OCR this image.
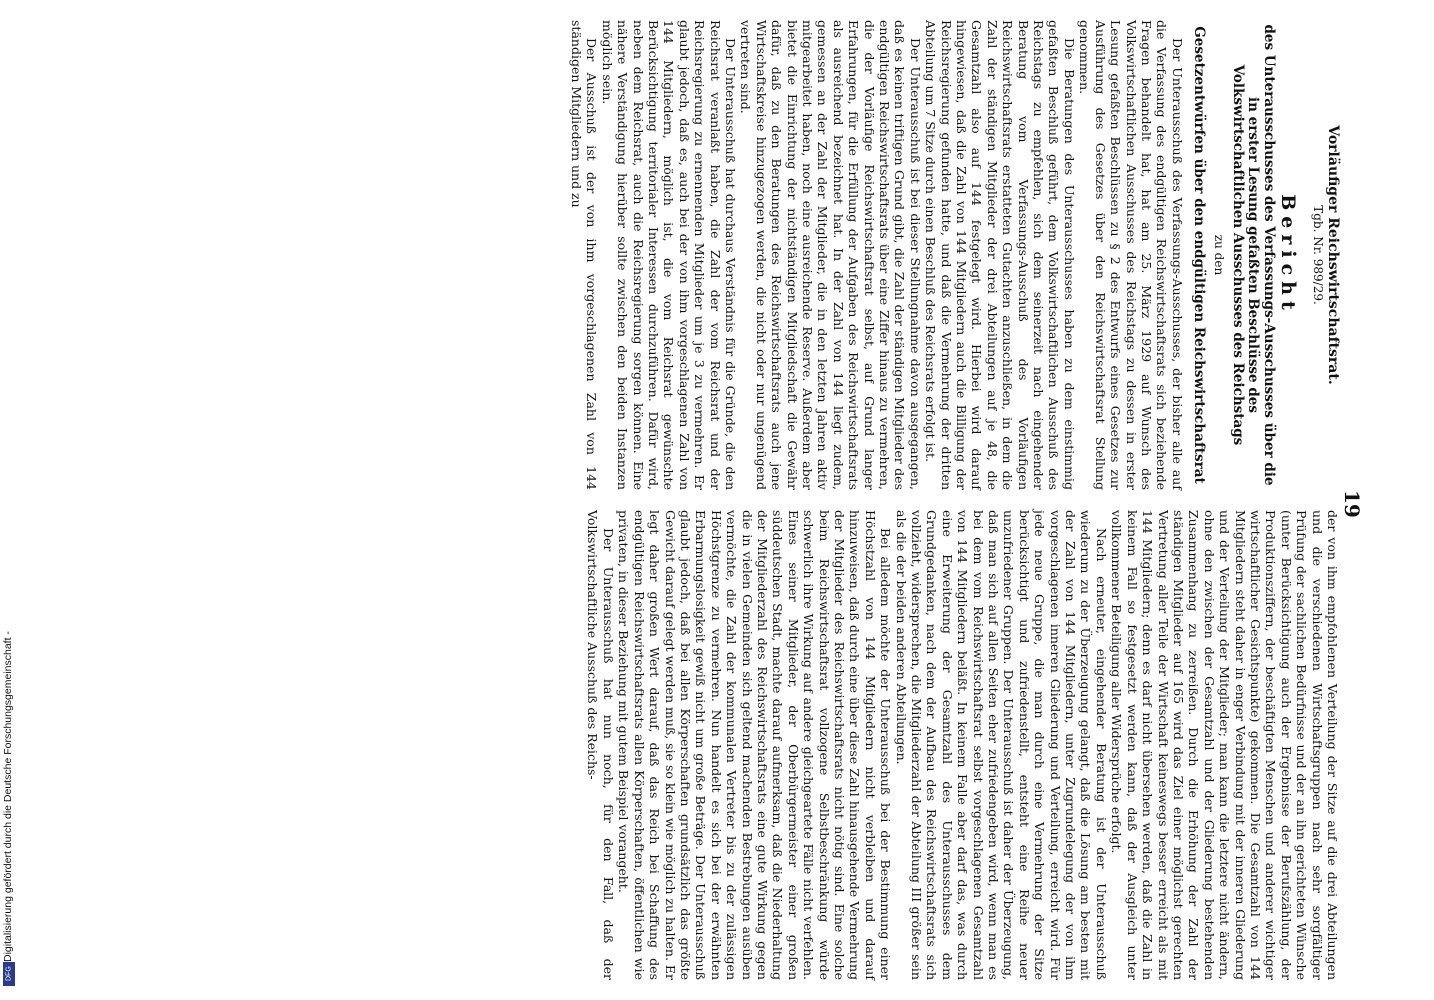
19

Vorläufiger Reichswirtschaftsrat.

Tgb. Nr. 989/29.

Bericht

des Unterausschusses des Verfassungs-Ausschusses über die in erster Lesung gefaßten Beschlüsse des Volkswirtschaftlichen Ausschusses des Reichstags

zu den

Gesetzentwürfen über den endgültigen Reichswirtschaftsrat

Der Unterausschuß des Verfassungs-Ausschusses, der bisher alle auf die Verfassung des endgültigen Reichswirtschaftsrats sich beziehende Fragen behandelt hat, hat am 25. März 1929 auf Wunsch des Volkswirtschaftlichen Ausschusses des Reichstags zu dessen in erster Lesung gefaßten Beschlüssen zu § 2 des Entwurfs eines Gesetzes zur Ausführung des Gesetzes über den Reichswirtschaftsrat Stellung genommen.

Die Beratungen des Unterausschusses haben zu dem einstimmig gefaßten Beschluß geführt, dem Volkswirtschaftlichen Ausschuß des Reichstags zu empfehlen, sich dem seinerzeit nach eingehender Beratung vom Verfassungs-Ausschuß des Vorläufigen Reichswirtschaftsrats erstatteten Gutachten anzuschließen, in dem die Zahl der ständigen Mitglieder der drei Abteilungen auf je 48, die Gesamtzahl also auf 144 festgelegt wird. Hierbei wird darauf hingewiesen, daß die Zahl von 144 Mitgliedern auch die Billigung der Reichsregierung gefunden hatte, und daß die Vermehrung der dritten Abteilung um 7 Sitze durch einen Beschluß des Reichsrats erfolgt ist.

Der Unterausschuß ist bei dieser Stellungnahme davon ausgegangen, daß es keinen triftigen Grund gibt, die Zahl der ständigen Mitglieder des endgültigen Reichswirtschaftsrats über eine Ziffer hinaus zu vermehren, die der Vorläufige Reichswirtschaftsrat selbst, auf Grund langer Erfahrungen, für die Erfüllung der Aufgaben des Reichswirtschaftsrats als ausreichend bezeichnet hat. In der Zahl von 144 liegt zudem, gemessen an der Zahl der Mitglieder, die in den letzten Jahren aktiv mitgearbeitet haben, noch eine ausreichende Reserve. Außerdem aber bietet die Einrichtung der nichtständigen Mitgliedschaft die Gewähr dafür, daß zu den Beratungen des Reichswirtschaftsrats auch jene Wirtschaftskreise hinzugezogen werden, die nicht oder nur ungenügend vertreten sind.

Der Unterausschuß hat durchaus Verständnis für die Gründe, die den Reichsrat veranlaßt haben, die Zahl der vom Reichsrat und der Reichsregierung zu ernennenden Mitglieder um je 3 zu vermehren. Er glaubt jedoch, daß es, auch bei der von ihm vorgeschlagenen Zahl von 144 Mitgliedern, möglich ist, die vom Reichsrat gewünschte Berücksichtigung territorialer Interessen durchzuführen. Dafür wird, neben dem Reichsrat, auch die Reichsregierung sorgen können. Eine nähere Verständigung hierüber sollte zwischen den beiden Instanzen möglich sein.

Der Ausschuß ist der von ihm vorgeschlagenen Zahl von 144 ständigen Mitgliedern und zu

der von ihm empfohlenen Verteilung der Sitze auf die drei Abteilungen und die verschiedenen Wirtschaftsgruppen nach sehr sorgfältiger Prüfung der sachlichen Bedürfnisse und der an ihn gerichteten Wünsche (unter Berücksichtigung auch der Ergebnisse der Berufszählung, der Produktionsziffern, der beschäftigten Menschen und anderer wichtiger wirtschaftlicher Gesichtspunkte) gekommen. Die Gesamtzahl von 144 Mitgliedern steht daher in enger Verbindung mit der inneren Gliederung und der Verteilung der Mitglieder; man kann die letztere nicht ändern, ohne den zwischen der Gesamtzahl und der Gliederung bestehenden Zusammenhang zu zerreißen. Durch die Erhöhung der Zahl der ständigen Mitglieder auf 165 wird das Ziel einer möglichst gerechten Vertretung aller Teile der Wirtschaft keineswegs besser erreicht als mit 144 Mitgliedern; denn es darf nicht übersehen werden, daß die Zahl in keinem Fall so festgesetzt werden kann, daß der Ausgleich unter vollkommener Beteiligung aller Widersprüche erfolgt.

Nach erneuter, eingehender Beratung ist der Unterausschuß wiederum zu der Überzeugung gelangt, daß die Lösung am besten mit der Zahl von 144 Mitgliedern, unter Zugrundelegung der von ihm vorgeschlagenen inneren Gliederung und Verteilung, erreicht wird. Für jede neue Gruppe, die man durch eine Vermehrung der Sitze berücksichtigt und zufriedenstellt, entsteht eine Reihe neuer unzufriedener Gruppen. Der Unterausschuß ist daher der Überzeugung, daß man sich auf allen Seiten eher zufriedengeben wird, wenn man es bei dem vom Reichswirtschaftsrat selbst vorgeschlagenen Gesamtzahl von 144 Mitgliedern beläßt. In keinem Falle aber darf das, was durch eine Erweiterung der Gesamtzahl des Unterausschusses dem Grundgedanken, nach dem der Aufbau des Reichswirtschaftsrats sich vollzieht, widersprechen, die Mitgliederzahl der Abteilung III größer sein als die der beiden anderen Abteilungen.

Bei alledem möchte der Unterausschuß bei der Bestimmung einer Höchstzahl von 144 Mitgliedern nicht verbleiben und darauf hinzuweisen, daß durch eine über diese Zahl hinausgehende Vermehrung der Mitglieder des Reichswirtschaftsrats nicht nötig sind. Eine solche beim Reichswirtschaftsrat vollzogene Selbstbeschränkung würde schwerlich ihre Wirkung auf andere gleichgeartete Fälle nicht verfehlen. Eines seiner Mitglieder, der Oberbürgermeister einer großen süddeutschen Stadt, machte darauf aufmerksam, daß die Niederhaltung der Mitgliederzahl des Reichswirtschaftsrats eine gute Wirkung gegen die in vielen Gemeinden sich geltend machenden Bestrebungen ausüben vermöchte, die Zahl der kommunalen Vertreter bis zu der zulässigen Höchstgrenze zu vermehren. Nun handelt es sich bei der erwähnten Erbarmungslosigkeit gewiß nicht um große Beträge. Der Unterausschuß glaubt jedoch, daß bei allen Körperschaften grundsätzlich das größte Gewicht darauf gelegt werden muß, sie so klein wie möglich zu halten. Er legt daher großen Wert darauf, daß das Reich bei Schaffung des endgültigen Reichswirtschaftsrats allen Körperschaften, öffentlichen wie privaten, in dieser Beziehung mit gutem Beispiel vorangeht.

Der Unterausschuß hat nun noch, für den Fall, daß der Volkswirtschaftliche Ausschuß des Reichs-

Digitalisierung gefördert durch die Deutsche Forschungsgemeinschaft -
DFG
